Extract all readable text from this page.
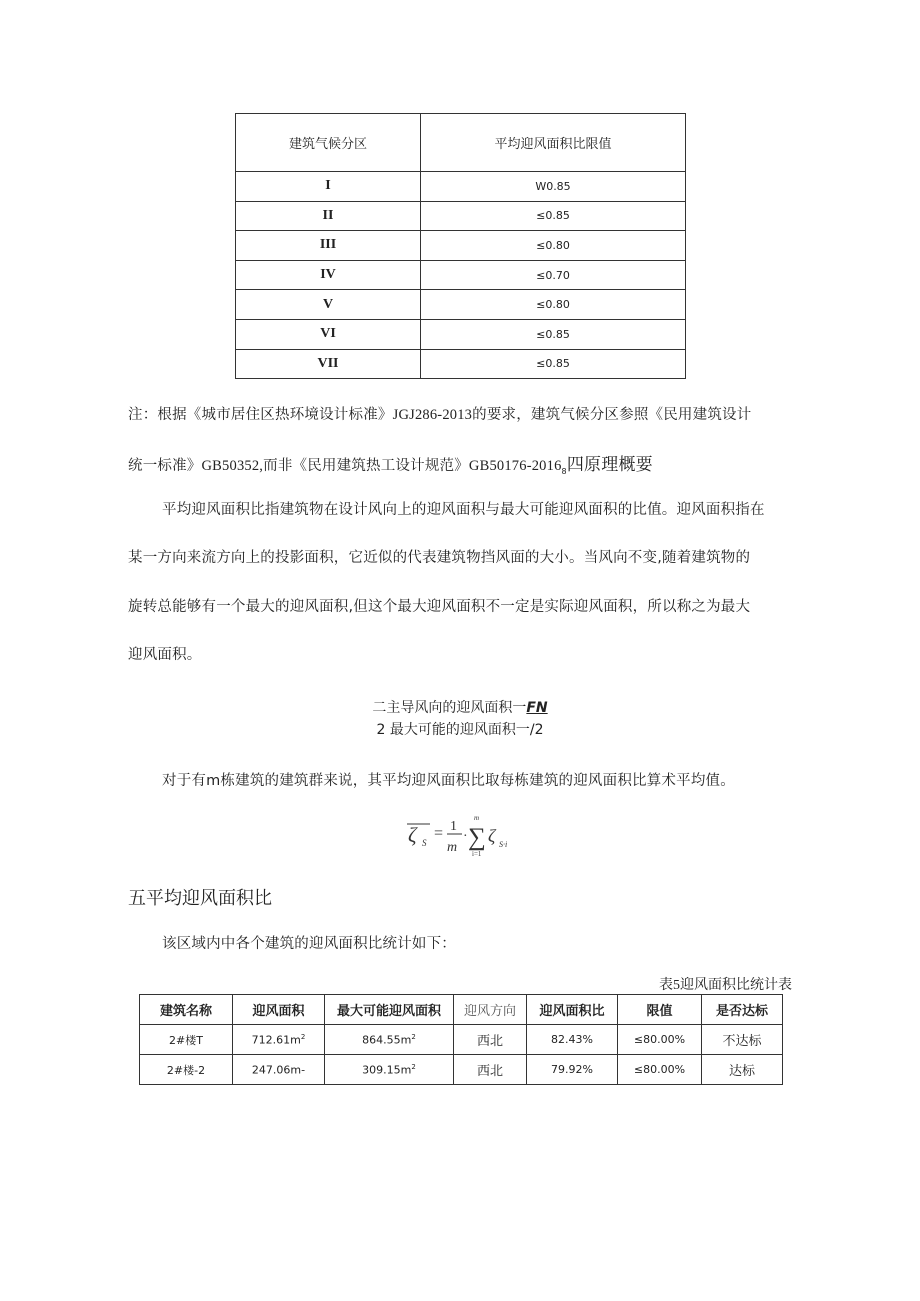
建筑气候分区	平均迎风面积比限值
I	W0.85
II	≤0.85
III	≤0.80
IV	≤0.70
V	≤0.80
VI	≤0.85
VII	≤0.85
注：根据《城市居住区热环境设计标准》JGJ286-2013的要求，建筑气候分区参照《民用建筑设计
统一标准》GB50352,而非《民用建筑热工设计规范》$GB50176-2016_8$四原理概要
平均迎风面积比指建筑物在设计风向上的迎风面积与最大可能迎风面积的比值。迎风面积指在
某一方向来流方向上的投影面积，它近似的代表建筑物挡风面的大小。当风向不变,随着建筑物的
旋转总能够有一个最大的迎风面积,但这个最大迎风面积不一定是实际迎风面积，所以称之为最大
迎风面积。
二主导风向的迎风面积一FN
2 最大可能的迎风面积一/2
对于有m栋建筑的建筑群来说，其平均迎风面积比取每栋建筑的迎风面积比算术平均值。
ζ S
= 1
m
·
m
∑
i=1
ζ S·i
五平均迎风面积比
该区域内中各个建筑的迎风面积比统计如下：
表5迎风面积比统计表
建筑名称	迎风面积	最大可能迎风面积	迎风方向	迎风面积比	限值	是否达标
2#楼T	$712.61m^2$	$864.55m^2$	西北	82.43%	≤80.00%	不达标
2#楼-2	247.06m-	$309.15m^2$	西北	79.92%	≤80.00%	达标
